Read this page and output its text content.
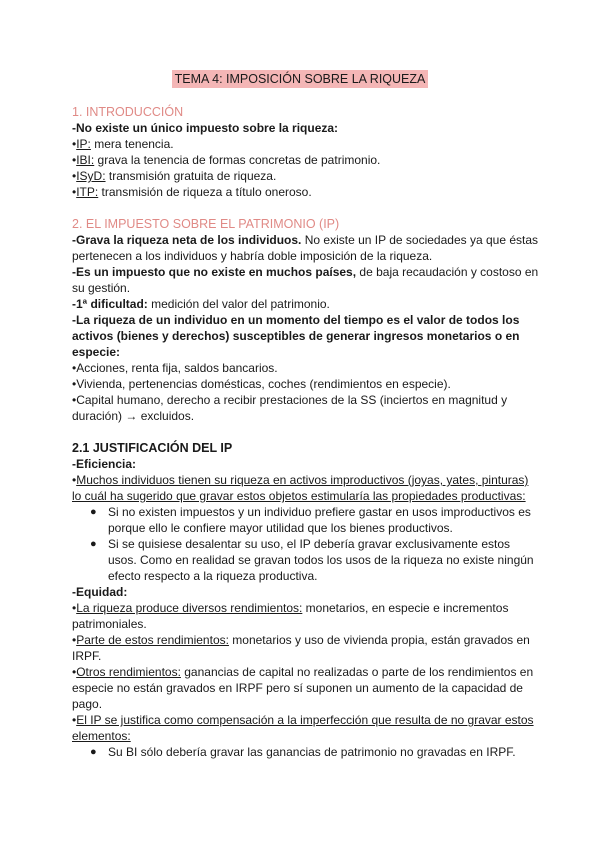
TEMA 4: IMPOSICIÓN SOBRE LA RIQUEZA
1. INTRODUCCIÓN
-No existe un único impuesto sobre la riqueza:
•IP: mera tenencia.
•IBI: grava la tenencia de formas concretas de patrimonio.
•ISyD: transmisión gratuita de riqueza.
•ITP: transmisión de riqueza a título oneroso.
2. EL IMPUESTO SOBRE EL PATRIMONIO (IP)
-Grava la riqueza neta de los individuos. No existe un IP de sociedades ya que éstas
pertenecen a los individuos y habría doble imposición de la riqueza.
-Es un impuesto que no existe en muchos países, de baja recaudación y costoso en
su gestión.
-1ª dificultad: medición del valor del patrimonio.
-La riqueza de un individuo en un momento del tiempo es el valor de todos los
activos (bienes y derechos) susceptibles de generar ingresos monetarios o en
especie:
•Acciones, renta fija, saldos bancarios.
•Vivienda, pertenencias domésticas, coches (rendimientos en especie).
•Capital humano, derecho a recibir prestaciones de la SS (inciertos en magnitud y
duración) → excluidos.
2.1 JUSTIFICACIÓN DEL IP
-Eficiencia:
•Muchos individuos tienen su riqueza en activos improductivos (joyas, yates, pinturas)
lo cuál ha sugerido que gravar estos objetos estimularía las propiedades productivas:
● Si no existen impuestos y un individuo prefiere gastar en usos improductivos es
porque ello le confiere mayor utilidad que los bienes productivos.
● Si se quisiese desalentar su uso, el IP debería gravar exclusivamente estos
usos. Como en realidad se gravan todos los usos de la riqueza no existe ningún
efecto respecto a la riqueza productiva.
-Equidad:
•La riqueza produce diversos rendimientos: monetarios, en especie e incrementos
patrimoniales.
•Parte de estos rendimientos: monetarios y uso de vivienda propia, están gravados en
IRPF.
•Otros rendimientos: ganancias de capital no realizadas o parte de los rendimientos en
especie no están gravados en IRPF pero sí suponen un aumento de la capacidad de
pago.
•El IP se justifica como compensación a la imperfección que resulta de no gravar estos
elementos:
● Su BI sólo debería gravar las ganancias de patrimonio no gravadas en IRPF.
